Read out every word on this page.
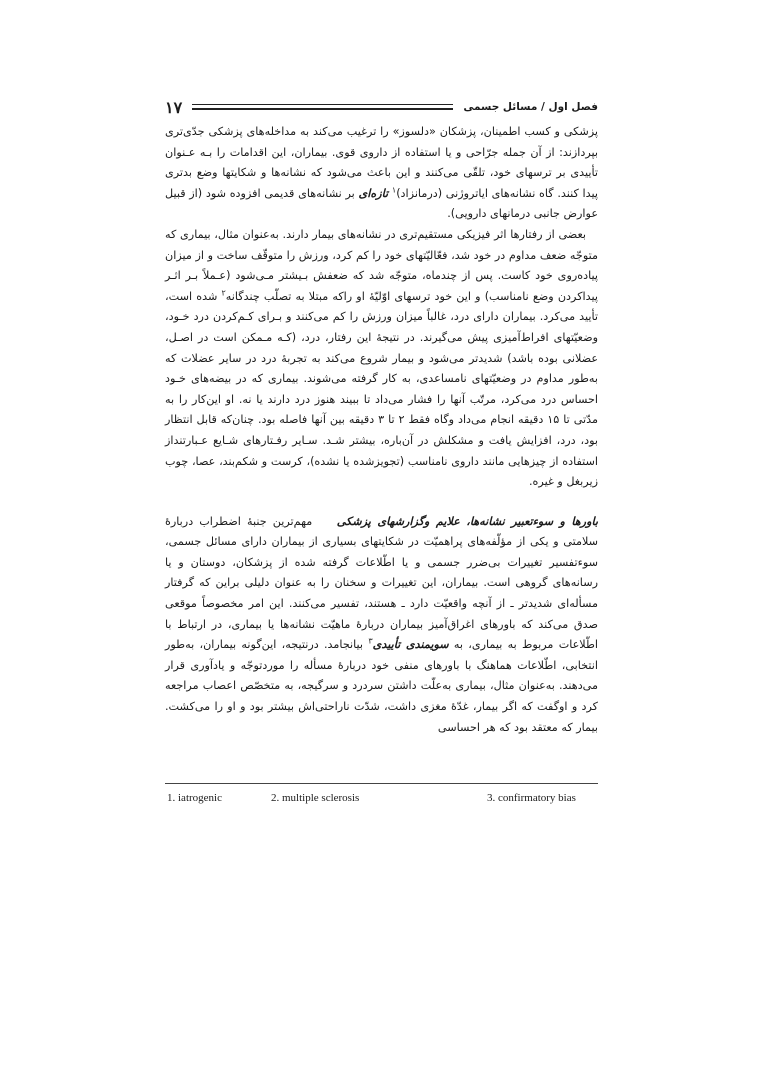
فصل اول / مسائل جسمی
۱۷

پزشکی و کسب اطمینان، پزشکان «دلسوز» را ترغیب می‌کند به مداخله‌های پزشکی جدّی‌تری بپردازند: از آن جمله جرّاحی و یا استفاده از داروی قوی. بیماران، این اقدامات را بـه عـنوان تأییدی بر ترسهای خود، تلقّی می‌کنند و این باعث می‌شود که نشانه‌ها و شکایتها وضع بدتری پیدا کنند. گاه نشانه‌های ایاتروژنی (درمانزاد)$^۱$ تازه‌ای بر نشانه‌های قدیمی افزوده شود (از قبیل عوارض جانبی درمانهای دارویی).

بعضی از رفتارها اثر فیزیکی مستقیم‌تری در نشانه‌های بیمار دارند. به‌عنوان مثال، بیماری که متوجّه ضعف مداوم در خود شد، فعّالیّتهای خود را کم کرد، ورزش را متوقّف ساخت و از میزان پیاده‌روی خود کاست. پس از چندماه، متوجّه شد که ضعفش بـیشتر مـی‌شود (عـملاً بـر اثـر پیداکردن وضع نامناسب) و این خود ترسهای اوّلیّهٔ او راکه مبتلا به تصلّب چندگانه$^۲$ شده است، تأیید می‌کرد. بیماران دارای درد، غالباً میزان ورزش را کم می‌کنند و بـرای کـم‌کردن درد خـود، وضعیّتهای افراط‌آمیزی پیش می‌گیرند. در نتیجهٔ این رفتار، درد، (کـه مـمکن است در اصـل، عضلانی بوده باشد) شدیدتر می‌شود و بیمار شروع می‌کند به تجربهٔ درد در سایر عضلات که به‌طور مداوم در وضعیّتهای نامساعدی، به کار گرفته می‌شوند. بیماری که در بیضه‌های خـود احساس درد می‌کرد، مرتّب آنها را فشار می‌داد تا ببیند هنوز درد دارند یا نه. او این‌کار را به مدّتی تا ۱۵ دقیقه انجام می‌داد وگاه فقط ۲ تا ۳ دقیقه بین آنها فاصله بود. چنان‌که قابل انتظار بود، درد، افزایش یافت و مشکلش در آن‌باره، بیشتر شـد. سـایر رفـتارهای شـایع عـبارتنداز استفاده از چیزهایی مانند داروی نامناسب (تجویزشده یا نشده)، کرست و شکم‌بند، عصا، چوب زیربغل و غیره.

باورها و سوءتعبیر نشانه‌ها، علایم وگزارشهای پزشکی    مهم‌ترین جنبهٔ اضطراب دربارهٔ سلامتی و یکی از مؤلّفه‌های پراهمیّت در شکایتهای بسیاری از بیماران دارای مسائل جسمی، سوءتفسیر تغییرات بی‌ضرر جسمی و یا اطّلاعات گرفته شده از پزشکان، دوستان و یا رسانه‌های گروهی است. بیماران، این تغییرات و سخنان را به عنوان دلیلی براین که گرفتار مسأله‌ای شدیدتر ـ از آنچه واقعیّت دارد ـ هستند، تفسیر می‌کنند. این امر مخصوصاً موقعی صدق می‌کند که باورهای اغراق‌آمیز بیماران دربارهٔ ماهیّت نشانه‌ها یا بیماری، در ارتباط با اطّلاعات مربوط به بیماری، به سویمندی تأییدی$^۳$ بیانجامد. درنتیجه، این‌گونه بیماران، به‌طور انتخابی، اطّلاعات هماهنگ با باورهای منفی خود دربارهٔ مسأله را موردتوجّه و یادآوری قرار می‌دهند. به‌عنوان مثال، بیماری به‌علّت داشتن سردرد و سرگیجه، به متخصّص اعصاب مراجعه کرد و اوگفت که اگر بیمار، غدّهٔ مغزی داشت، شدّت ناراحتی‌اش بیشتر بود و او را می‌کشت. بیمار که معتقد بود که هر احساسی

1. iatrogenic	2. multiple sclerosis	3. confirmatory bias
